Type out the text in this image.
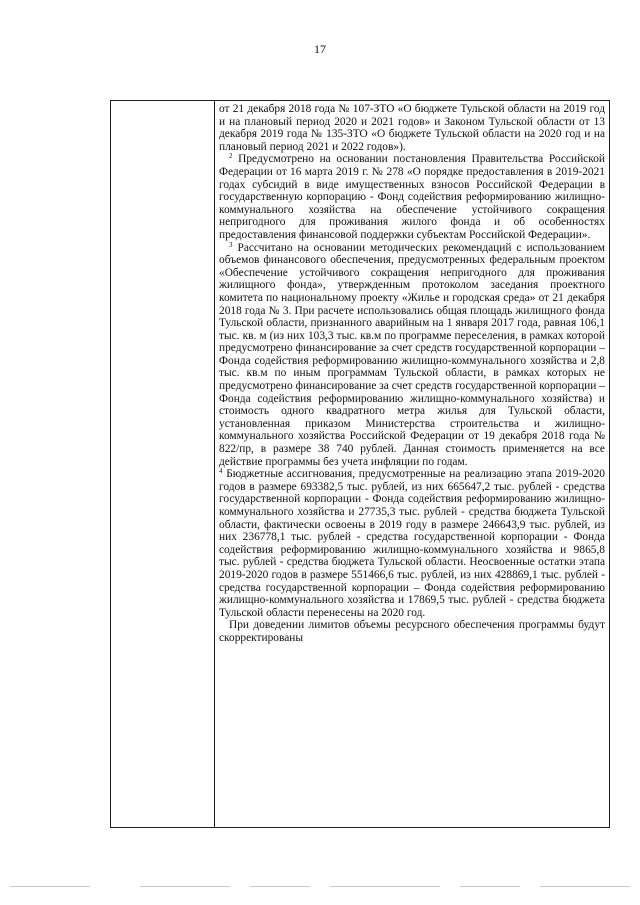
17

от 21 декабря 2018 года № 107-ЗТО «О бюджете Тульской области на 2019 год и на плановый период 2020 и 2021 годов» и Законом Тульской области от 13 декабря 2019 года № 135-ЗТО «О бюджете Тульской области на 2020 год и на плановый период 2021 и 2022 годов»).

$^2$ Предусмотрено на основании постановления Правительства Российской Федерации от 16 марта 2019 г. № 278 «О порядке предоставления в 2019-2021 годах субсидий в виде имущественных взносов Российской Федерации в государственную корпорацию - Фонд содействия реформированию жилищно-коммунального хозяйства на обеспечение устойчивого сокращения непригодного для проживания жилого фонда и об особенностях предоставления финансовой поддержки субъектам Российской Федерации».

$^3$ Рассчитано на основании методических рекомендаций с использованием объемов финансового обеспечения, предусмотренных федеральным проектом «Обеспечение устойчивого сокращения непригодного для проживания жилищного фонда», утвержденным протоколом заседания проектного комитета по национальному проекту «Жилье и городская среда» от 21 декабря 2018 года № 3. При расчете использовались общая площадь жилищного фонда Тульской области, признанного аварийным на 1 января 2017 года, равная 106,1 тыс. кв. м (из них 103,3 тыс. кв.м по программе переселения, в рамках которой предусмотрено финансирование за счет средств государственной корпорации – Фонда содействия реформированию жилищно-коммунального хозяйства и 2,8 тыс. кв.м по иным программам Тульской области, в рамках которых не предусмотрено финансирование за счет средств государственной корпорации – Фонда содействия реформированию жилищно-коммунального хозяйства) и стоимость одного квадратного метра жилья для Тульской области, установленная приказом Министерства строительства и жилищно-коммунального хозяйства Российской Федерации от 19 декабря 2018 года № 822/пр, в размере 38 740 рублей. Данная стоимость применяется на все действие программы без учета инфляции по годам.

$^4$ Бюджетные ассигнования, предусмотренные на реализацию этапа 2019-2020 годов в размере 693382,5 тыс. рублей, из них 665647,2 тыс. рублей - средства государственной корпорации - Фонда содействия реформированию жилищно-коммунального хозяйства и 27735,3 тыс. рублей - средства бюджета Тульской области, фактически освоены в 2019 году в размере 246643,9 тыс. рублей, из них 236778,1 тыс. рублей - средства государственной корпорации - Фонда содействия реформированию жилищно-коммунального хозяйства и 9865,8 тыс. рублей - средства бюджета Тульской области. Неосвоенные остатки этапа 2019-2020 годов в размере 551466,6 тыс. рублей, из них 428869,1 тыс. рублей - средства государственной корпорации – Фонда содействия реформированию жилищно-коммунального хозяйства и 17869,5 тыс. рублей - средства бюджета Тульской области перенесены на 2020 год.

При доведении лимитов объемы ресурсного обеспечения программы будут скорректированы
